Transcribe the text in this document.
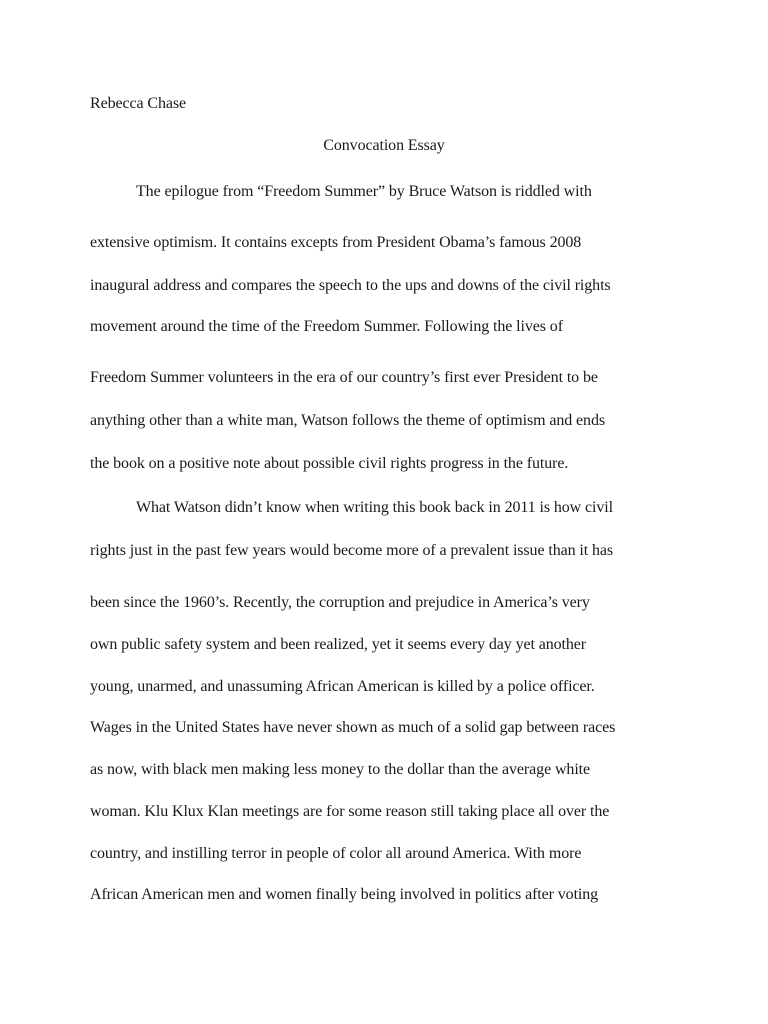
Rebecca Chase
Convocation Essay
The epilogue from “Freedom Summer” by Bruce Watson is riddled with
extensive optimism. It contains excepts from President Obama’s famous 2008
inaugural address and compares the speech to the ups and downs of the civil rights
movement around the time of the Freedom Summer. Following the lives of
Freedom Summer volunteers in the era of our country’s first ever President to be
anything other than a white man, Watson follows the theme of optimism and ends
the book on a positive note about possible civil rights progress in the future.
What Watson didn’t know when writing this book back in 2011 is how civil
rights just in the past few years would become more of a prevalent issue than it has
been since the 1960’s. Recently, the corruption and prejudice in America’s very
own public safety system and been realized, yet it seems every day yet another
young, unarmed, and unassuming African American is killed by a police officer.
Wages in the United States have never shown as much of a solid gap between races
as now, with black men making less money to the dollar than the average white
woman. Klu Klux Klan meetings are for some reason still taking place all over the
country, and instilling terror in people of color all around America. With more
African American men and women finally being involved in politics after voting
